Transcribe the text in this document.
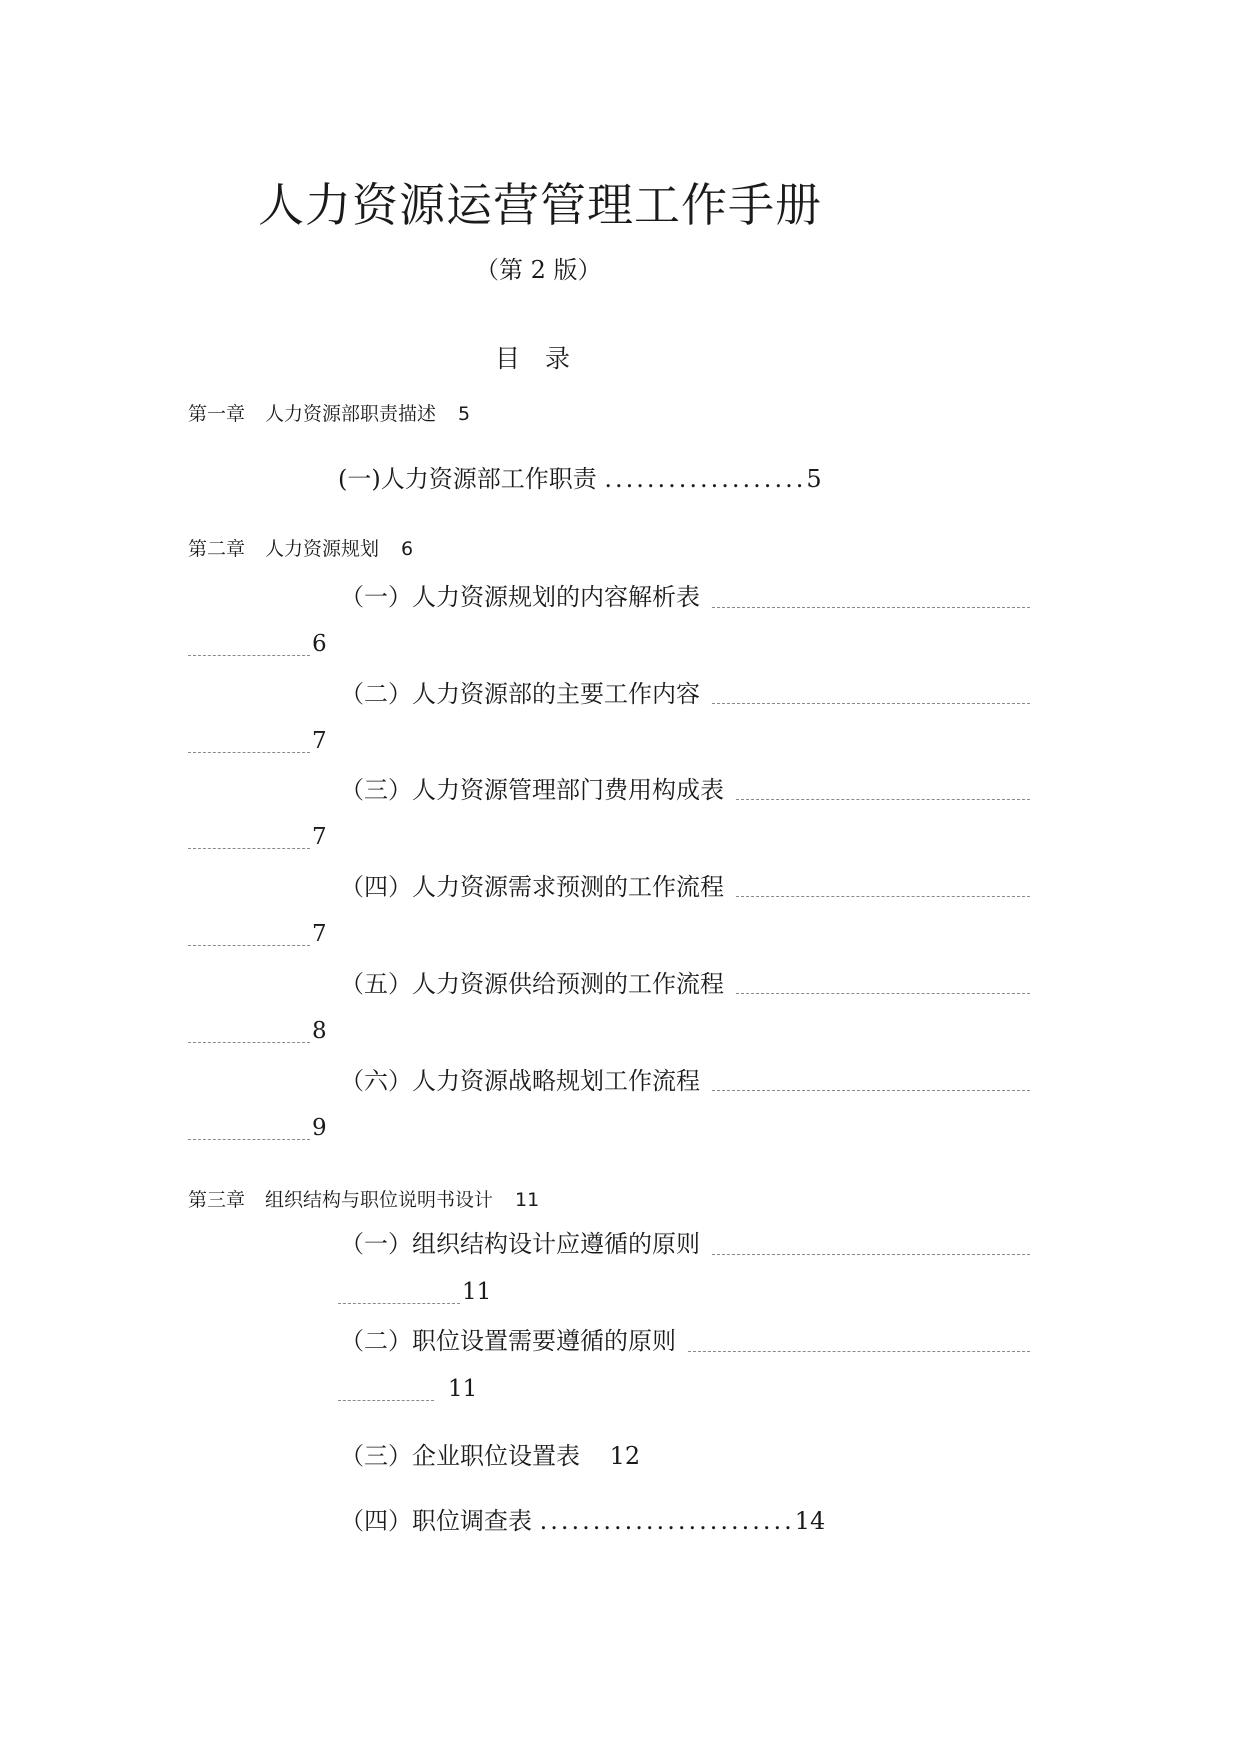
人力资源运营管理工作手册
（第 2 版）
目　录
第一章 人力资源部职责描述 5
(一)人力资源部工作职责 ...................5
第二章 人力资源规划 6
（一）人力资源规划的内容解析表
6
（二）人力资源部的主要工作内容
7
（三）人力资源管理部门费用构成表
7
（四）人力资源需求预测的工作流程
7
（五）人力资源供给预测的工作流程
8
（六）人力资源战略规划工作流程
9
第三章 组织结构与职位说明书设计 11
（一）组织结构设计应遵循的原则
11
（二）职位设置需要遵循的原则
11
（三）企业职位设置表 12
（四）职位调查表 ........................14
